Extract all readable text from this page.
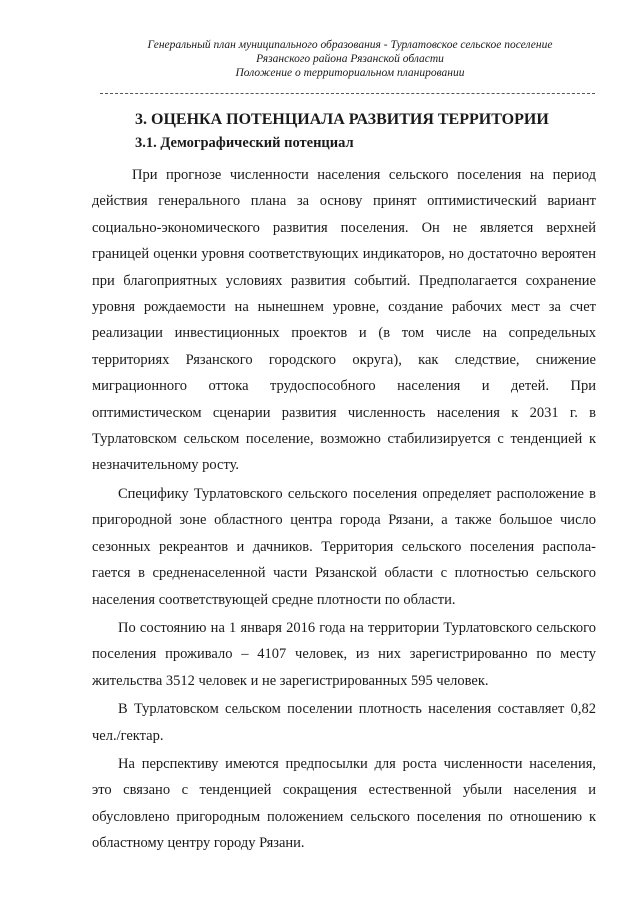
Генеральный план муниципального образования - Турлатовское сельское поселение
Рязанского района Рязанской области
Положение о территориальном планировании
3. ОЦЕНКА ПОТЕНЦИАЛА РАЗВИТИЯ ТЕРРИТОРИИ
3.1. Демографический потенциал

При прогнозе численности населения сельского поселения на период действия генерального плана за основу принят оптимистический вариант социально-экономического развития поселения. Он не является верхней границей оценки уровня соответствующих индикаторов, но достаточно вероятен при благоприятных условиях развития событий. Предполагается сохранение уровня рождаемости на нынешнем уровне, создание рабочих мест за счет реализации инвестиционных проектов и (в том числе на сопредельных территориях Рязанского городского округа), как следствие, снижение миграционного оттока трудоспособного населения и детей. При оптимистическом сценарии развития численность населения к 2031 г. в Турлатовском сельском поселение, возможно стабилизируется с тенденцией к незначительному росту.

Специфику Турлатовского сельского поселения определяет расположение в пригородной зоне областного центра города Рязани, а также большое число сезонных рекреантов и дачников. Территория сельского поселения распола-гается в средненаселенной части Рязанской области с плотностью сельского населения соответствующей средне плотности по области.

По состоянию на 1 января 2016 года на территории Турлатовского сельского поселения проживало – 4107 человек, из них зарегистрированно по месту жительства 3512 человек и не зарегистрированных 595 человек.

В Турлатовском сельском поселении плотность населения составляет 0,82 чел./гектар.

На перспективу имеются предпосылки для роста численности населения, это связано с тенденцией сокращения естественной убыли населения и обусловлено пригородным положением сельского поселения по отношению к областному центру городу Рязани.
